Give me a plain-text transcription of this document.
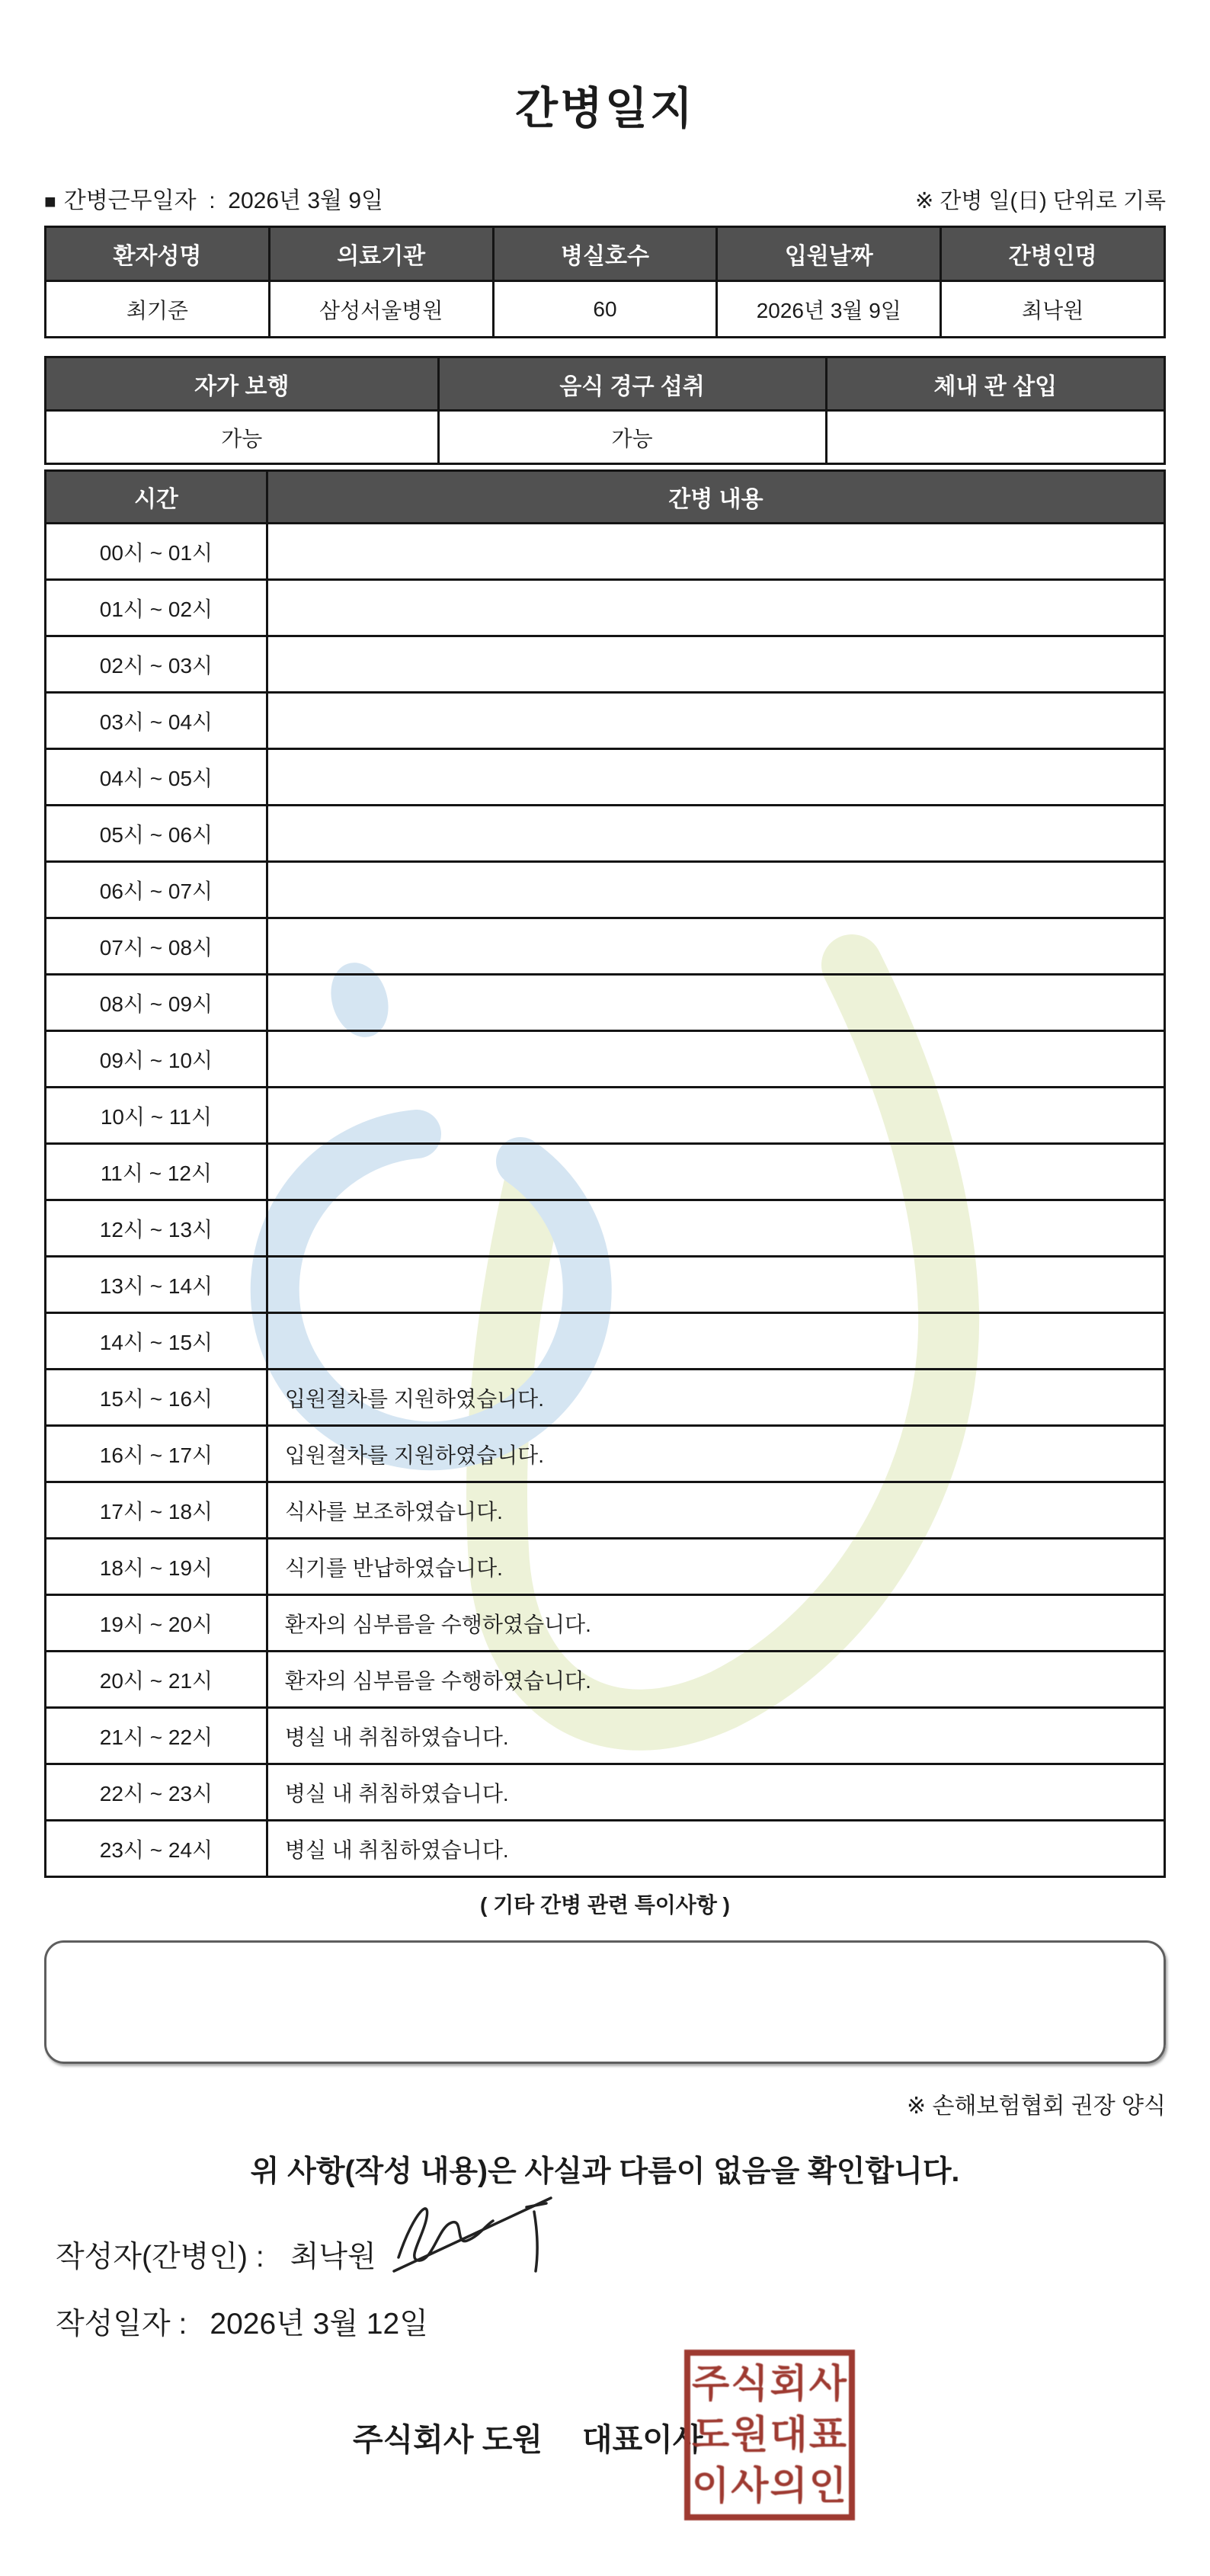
간병일지
■ 간병근무일자  : 2026년 3월 9일	※ 간병 일(日) 단위로 기록
환자성명	의료기관	병실호수	입원날짜	간병인명
최기준	삼성서울병원	60	2026년 3월 9일	최낙원
자가 보행	음식 경구 섭취	체내 관 삽입
가능	가능	
시간	간병 내용
00시 ~ 01시	
01시 ~ 02시	
02시 ~ 03시	
03시 ~ 04시	
04시 ~ 05시	
05시 ~ 06시	
06시 ~ 07시	
07시 ~ 08시	
08시 ~ 09시	
09시 ~ 10시	
10시 ~ 11시	
11시 ~ 12시	
12시 ~ 13시	
13시 ~ 14시	
14시 ~ 15시	
15시 ~ 16시	입원절차를 지원하였습니다.
16시 ~ 17시	입원절차를 지원하였습니다.
17시 ~ 18시	식사를 보조하였습니다.
18시 ~ 19시	식기를 반납하였습니다.
19시 ~ 20시	환자의 심부름을 수행하였습니다.
20시 ~ 21시	환자의 심부름을 수행하였습니다.
21시 ~ 22시	병실 내 취침하였습니다.
22시 ~ 23시	병실 내 취침하였습니다.
23시 ~ 24시	병실 내 취침하였습니다.
( 기타 간병 관련 특이사항 )
※ 손해보험협회 권장 양식
위 사항(작성 내용)은 사실과 다름이 없음을 확인합니다.
작성자(간병인) : 최낙원
작성일자 : 2026년 3월 12일
주식회사 도원 대표이사
주식회사
도원대표
이사의인
